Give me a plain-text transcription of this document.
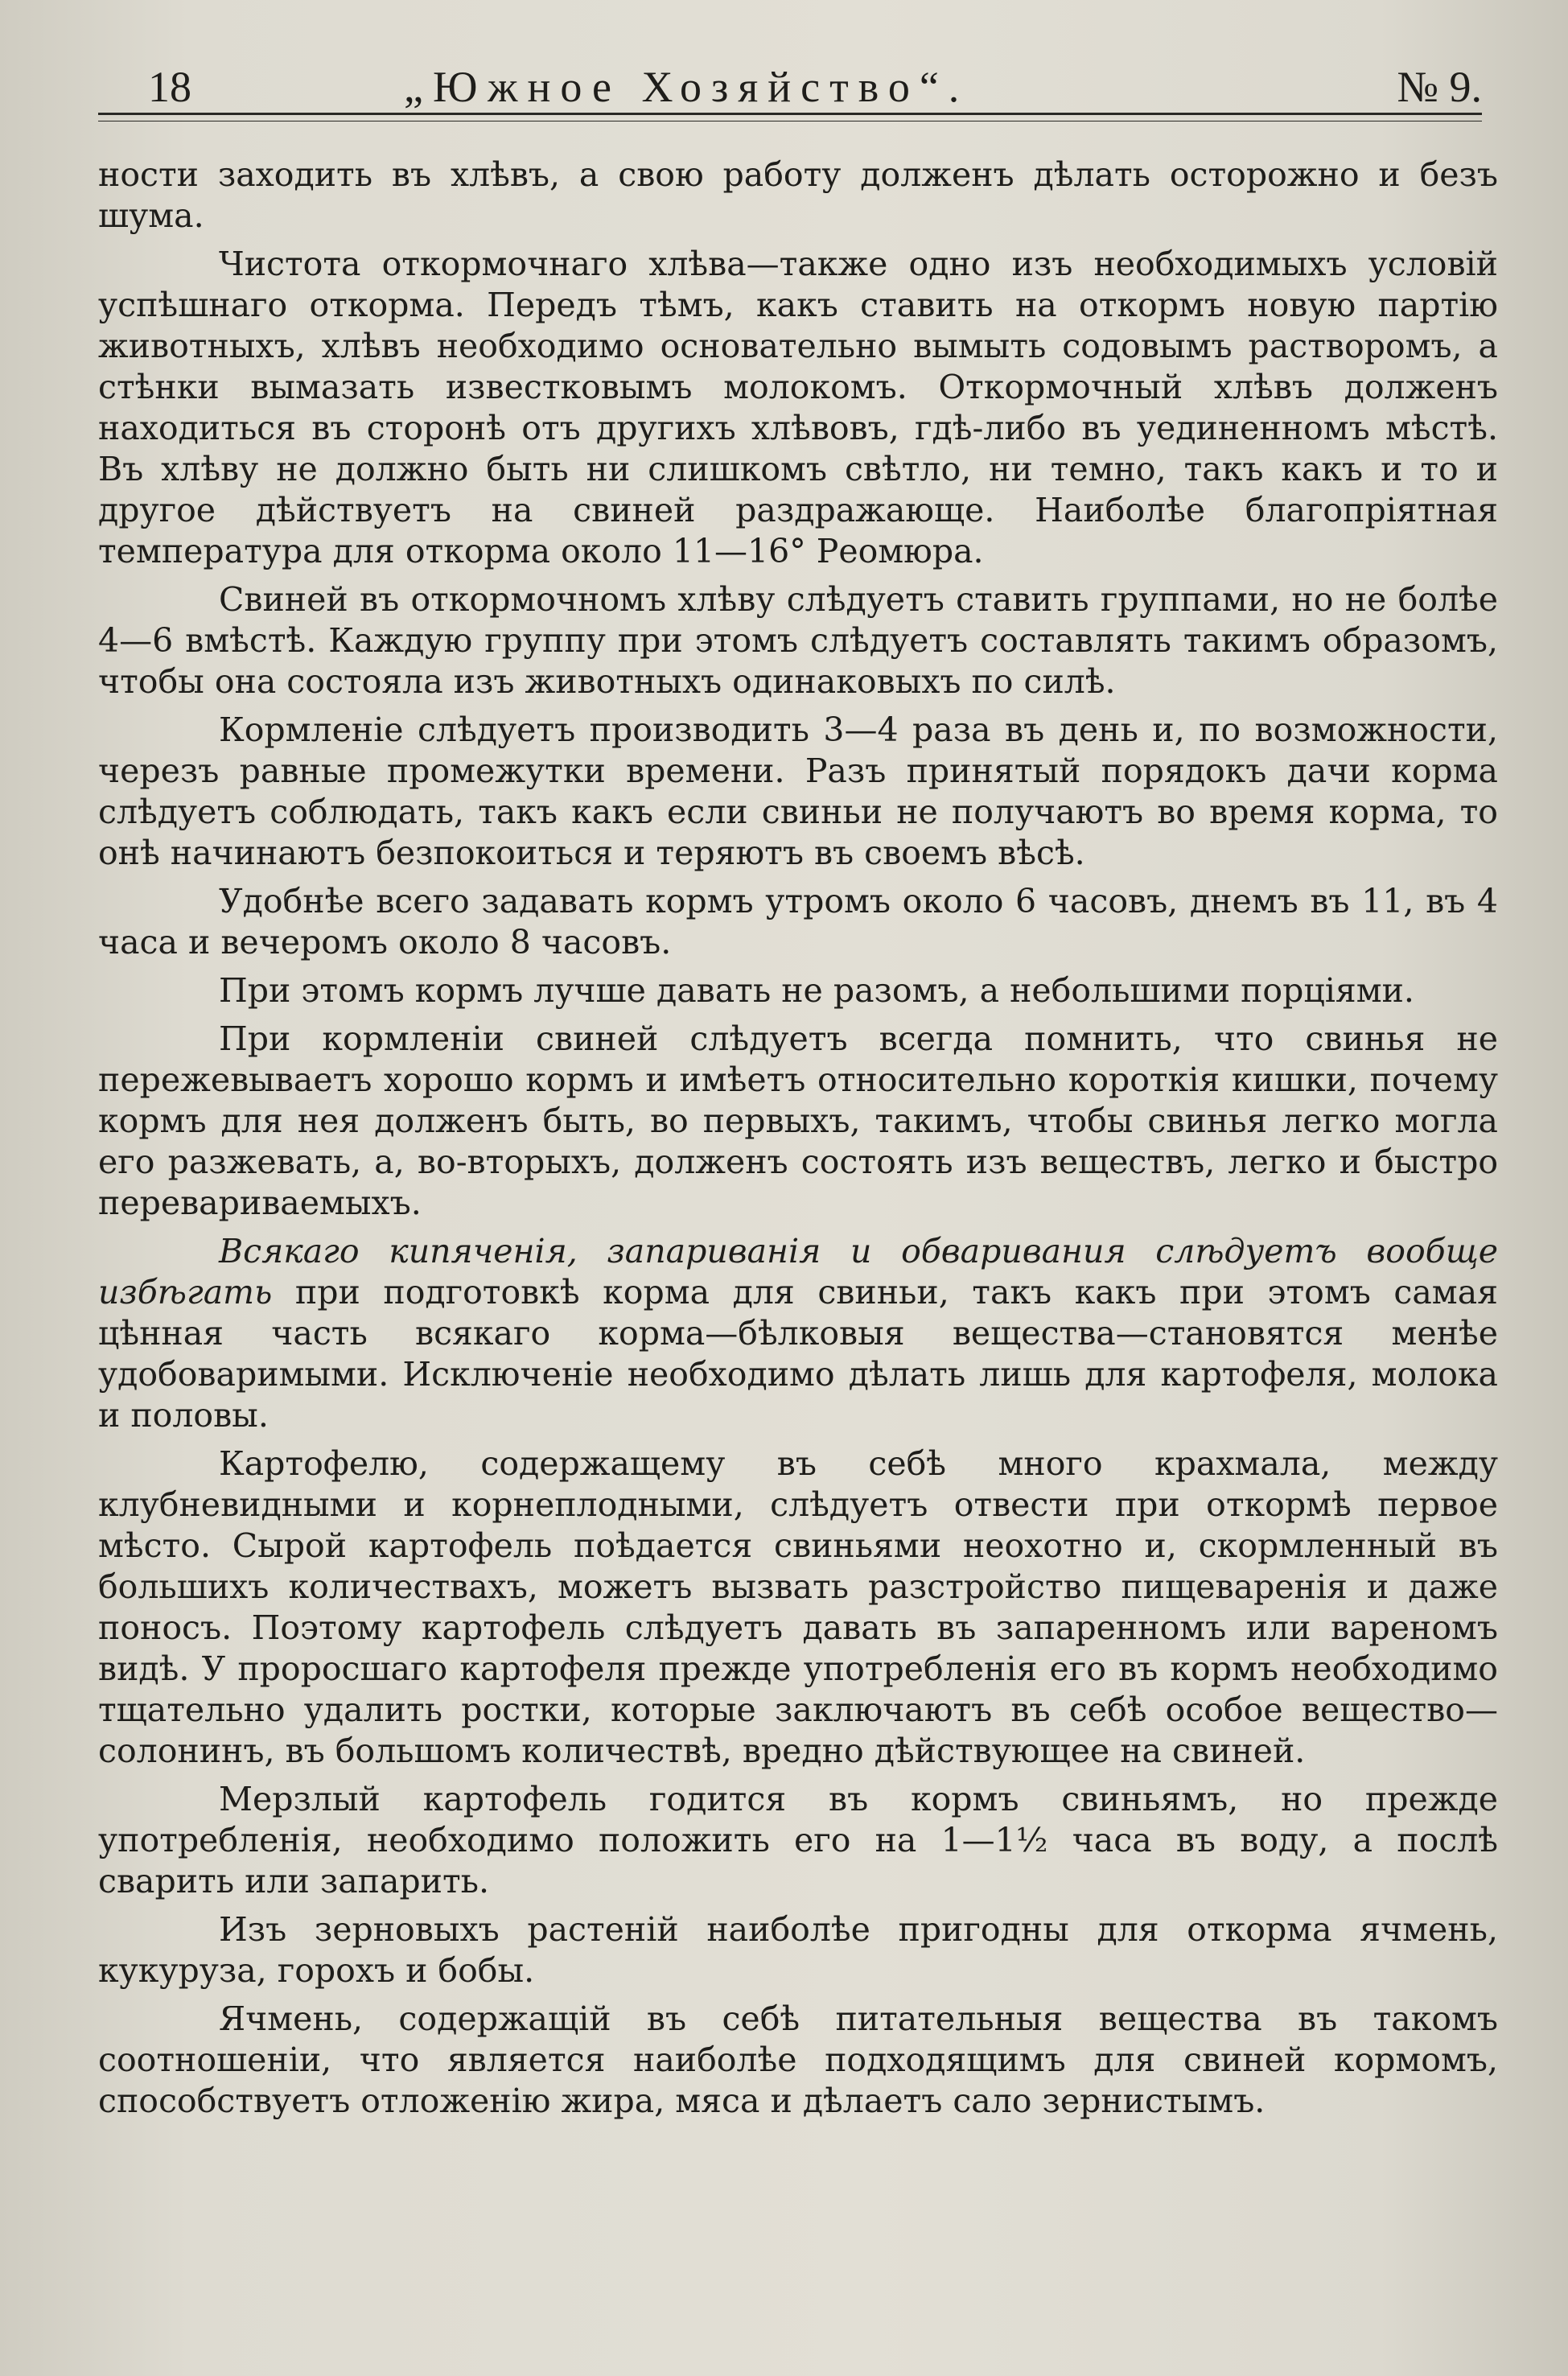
18	„Южное Хозяйство“.	№ 9.

ности заходить въ хлѣвъ, а свою работу долженъ дѣлать осторожно и безъ шума.

Чистота откормочнаго хлѣва—также одно изъ необходимыхъ условій успѣшнаго откорма. Передъ тѣмъ, какъ ставить на откормъ новую партію животныхъ, хлѣвъ необходимо основательно вымыть содовымъ растворомъ, а стѣнки вымазать известковымъ молокомъ. Откормочный хлѣвъ долженъ находиться въ сторонѣ отъ другихъ хлѣвовъ, гдѣ-либо въ уединенномъ мѣстѣ. Въ хлѣву не должно быть ни слишкомъ свѣтло, ни темно, такъ какъ и то и другое дѣйствуетъ на свиней раздражающе. Наиболѣе благопріятная температура для откорма около 11—16° Реомюра.

Свиней въ откормочномъ хлѣву слѣдуетъ ставить группами, но не болѣе 4—6 вмѣстѣ. Каждую группу при этомъ слѣдуетъ составлять такимъ образомъ, чтобы она состояла изъ животныхъ одинаковыхъ по силѣ.

Кормленіе слѣдуетъ производить 3—4 раза въ день и, по возможности, черезъ равные промежутки времени. Разъ принятый порядокъ дачи корма слѣдуетъ соблюдать, такъ какъ если свиньи не получаютъ во время корма, то онѣ начинаютъ безпокоиться и теряютъ въ своемъ вѣсѣ.

Удобнѣе всего задавать кормъ утромъ около 6 часовъ, днемъ въ 11, въ 4 часа и вечеромъ около 8 часовъ.

При этомъ кормъ лучше давать не разомъ, а небольшими порціями.

При кормленіи свиней слѣдуетъ всегда помнить, что свинья не пережевываетъ хорошо кормъ и имѣетъ относительно короткія кишки, почему кормъ для нея долженъ быть, во первыхъ, такимъ, чтобы свинья легко могла его разжевать, а, во-вторыхъ, долженъ состоять изъ веществъ, легко и быстро перевариваемыхъ.

Всякаго кипяченія, запариванія и обваривания слѣдуетъ вообще избѣгать при подготовкѣ корма для свиньи, такъ какъ при этомъ самая цѣнная часть всякаго корма—бѣлковыя вещества—становятся менѣе удобоваримыми. Исключеніе необходимо дѣлать лишь для картофеля, молока и половы.

Картофелю, содержащему въ себѣ много крахмала, между клубневидными и корнеплодными, слѣдуетъ отвести при откормѣ первое мѣсто. Сырой картофель поѣдается свиньями неохотно и, скормленный въ большихъ количествахъ, можетъ вызвать разстройство пищеваренія и даже поносъ. Поэтому картофель слѣдуетъ давать въ запаренномъ или вареномъ видѣ. У проросшаго картофеля прежде употребленія его въ кормъ необходимо тщательно удалить ростки, которые заключаютъ въ себѣ особое вещество—солонинъ, въ большомъ количествѣ, вредно дѣйствующее на свиней.

Мерзлый картофель годится въ кормъ свиньямъ, но прежде употребленія, необходимо положить его на 1—1½ часа въ воду, а послѣ сварить или запарить.

Изъ зерновыхъ растеній наиболѣе пригодны для откорма ячмень, кукуруза, горохъ и бобы.

Ячмень, содержащій въ себѣ питательныя вещества въ такомъ соотношеніи, что является наиболѣе подходящимъ для свиней кормомъ, способствуетъ отложенію жира, мяса и дѣлаетъ сало зернистымъ.
